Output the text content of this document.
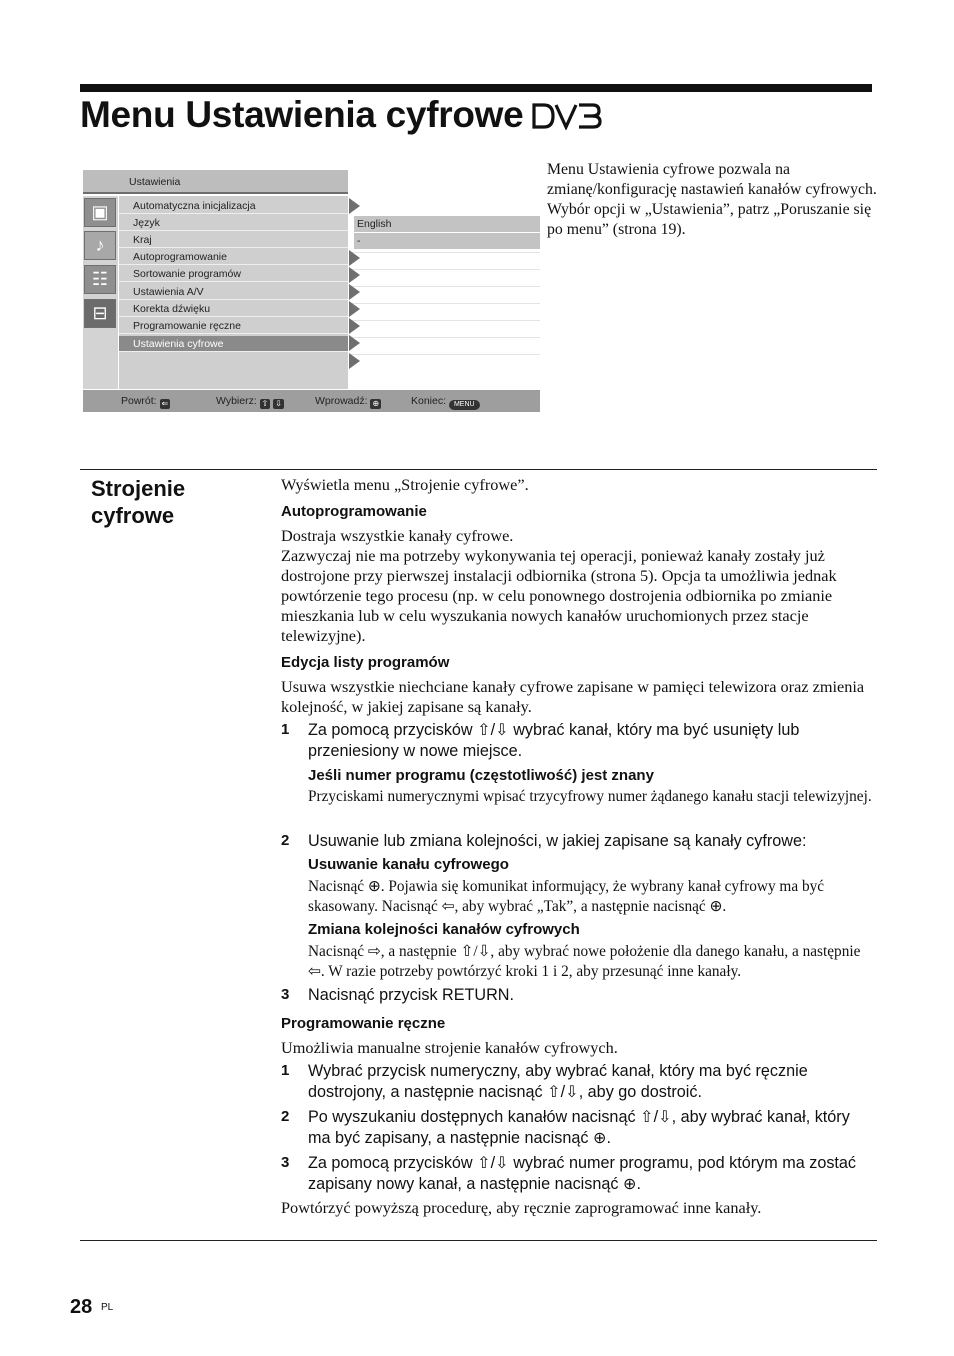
Menu Ustawienia cyfrowe
Ustawienia
▣
♪
☷
⊟
Automatyczna inicjalizacja
Język
Kraj
Autoprogramowanie
Sortowanie programów
Ustawienia A/V
Korekta dźwięku
Programowanie ręczne
Ustawienia cyfrowe
English
-
Powrót: ⇐	Wybierz: ⇧ ⇩	Wprowadź: ⊕	Koniec: MENU
Menu Ustawienia cyfrowe pozwala na zmianę/konfigurację nastawień kanałów cyfrowych. Wybór opcji w „Ustawienia”, patrz „Poruszanie się po menu” (strona 19).
Strojenie cyfrowe
Wyświetla menu „Strojenie cyfrowe”.
Autoprogramowanie
Dostraja wszystkie kanały cyfrowe.
Zazwyczaj nie ma potrzeby wykonywania tej operacji, ponieważ kanały zostały już dostrojone przy pierwszej instalacji odbiornika (strona 5). Opcja ta umożliwia jednak powtórzenie tego procesu (np. w celu ponownego dostrojenia odbiornika po zmianie mieszkania lub w celu wyszukania nowych kanałów uruchomionych przez stacje telewizyjne).
Edycja listy programów
Usuwa wszystkie niechciane kanały cyfrowe zapisane w pamięci telewizora oraz zmienia kolejność, w jakiej zapisane są kanały.
1 Za pomocą przycisków ⇧/⇩ wybrać kanał, który ma być usunięty lub przeniesiony w nowe miejsce.
Jeśli numer programu (częstotliwość) jest znany
Przyciskami numerycznymi wpisać trzycyfrowy numer żądanego kanału stacji telewizyjnej.
2 Usuwanie lub zmiana kolejności, w jakiej zapisane są kanały cyfrowe:
Usuwanie kanału cyfrowego
Nacisnąć ⊕. Pojawia się komunikat informujący, że wybrany kanał cyfrowy ma być skasowany. Nacisnąć ⇦, aby wybrać „Tak”, a następnie nacisnąć ⊕.
Zmiana kolejności kanałów cyfrowych
Nacisnąć ⇨, a następnie ⇧/⇩, aby wybrać nowe położenie dla danego kanału, a następnie ⇦. W razie potrzeby powtórzyć kroki 1 i 2, aby przesunąć inne kanały.
3 Nacisnąć przycisk RETURN.
Programowanie ręczne
Umożliwia manualne strojenie kanałów cyfrowych.
1 Wybrać przycisk numeryczny, aby wybrać kanał, który ma być ręcznie dostrojony, a następnie nacisnąć ⇧/⇩, aby go dostroić.
2 Po wyszukaniu dostępnych kanałów nacisnąć ⇧/⇩, aby wybrać kanał, który ma być zapisany, a następnie nacisnąć ⊕.
3 Za pomocą przycisków ⇧/⇩ wybrać numer programu, pod którym ma zostać zapisany nowy kanał, a następnie nacisnąć ⊕.
Powtórzyć powyższą procedurę, aby ręcznie zaprogramować inne kanały.
28 PL
